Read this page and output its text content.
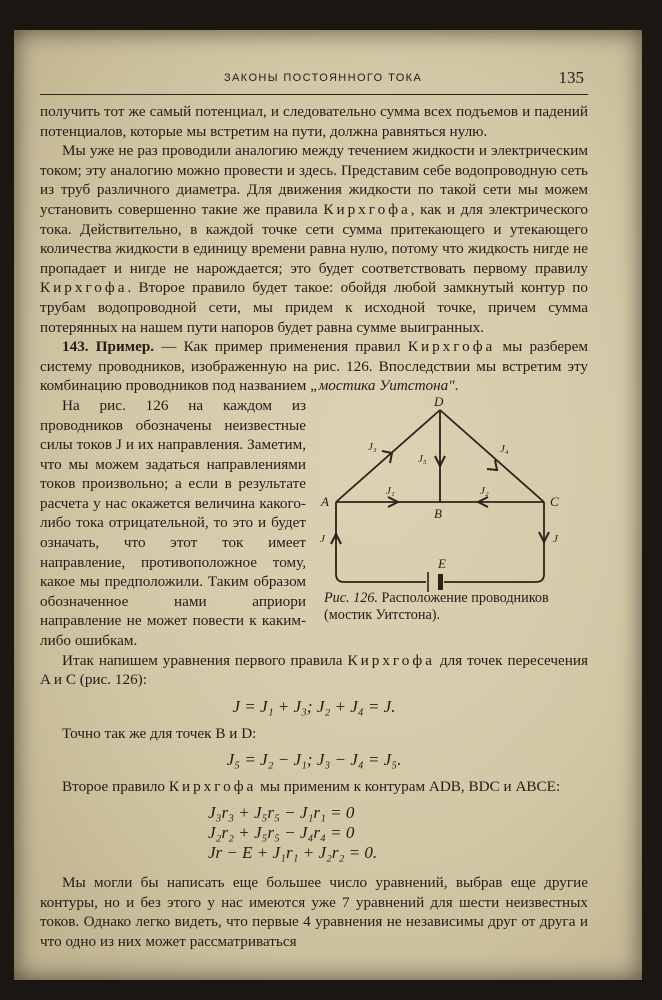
ЗАКОНЫ ПОСТОЯННОГО ТОКА	135

получить тот же самый потенциал, и следовательно сумма всех подъемов и падений потенциалов, которые мы встретим на пути, должна равняться нулю.

Мы уже не раз проводили аналогию между течением жидкости и электрическим током; эту аналогию можно провести и здесь. Представим себе водопроводную сеть из труб различного диаметра. Для движения жидкости по такой сети мы можем установить совершенно такие же правила Кирхгофа, как и для электрического тока. Действительно, в каждой точке сети сумма притекающего и утекающего количества жидкости в единицу времени равна нулю, потому что жидкость нигде не пропадает и нигде не нарождается; это будет соответствовать первому правилу Кирхгофа. Второе правило будет такое: обойдя любой замкнутый контур по трубам водопроводной сети, мы придем к исходной точке, причем сумма потерянных на нашем пути напоров будет равна сумме выигранных.

143. Пример. — Как пример применения правил Кирхгофа мы разберем систему проводников, изображенную на рис. 126. Впоследствии мы встретим эту комбинацию проводников под названием „мостика Уитстона".

A
B
C
D
E
J₁	J₂
J₃	J₄
J₅
J	J
Рис. 126. Расположение проводников (мостик Уитстона).

На рис. 126 на каждом из проводников обозначены неизвестные силы токов J и их направления. Заметим, что мы можем задаться направлениями токов произвольно; а если в результате расчета у нас окажется величина какого-либо тока отрицательной, то это и будет означать, что этот ток имеет направление, противоположное тому, какое мы предположили. Таким образом обозначенное нами априори направление не может повести к каким-либо ошибкам.

Итак напишем уравнения первого правила Кирхгофа для точек пересечения A и C (рис. 126):

J = J₁ + J₃; J₂ + J₄ = J.

Точно так же для точек B и D:

J₅ = J₂ − J₁; J₃ − J₄ = J₅.

Второе правило Кирхгофа мы применим к контурам ADB, BDC и ABCE:

J₃r₃ + J₅r₅ − J₁r₁ = 0
J₂r₂ + J₅r₅ − J₄r₄ = 0
Jr − E + J₁r₁ + J₂r₂ = 0.

Мы могли бы написать еще большее число уравнений, выбрав еще другие контуры, но и без этого у нас имеются уже 7 уравнений для шести неизвестных токов. Однако легко видеть, что первые 4 уравнения не независимы друг от друга и что одно из них может рассматриваться
